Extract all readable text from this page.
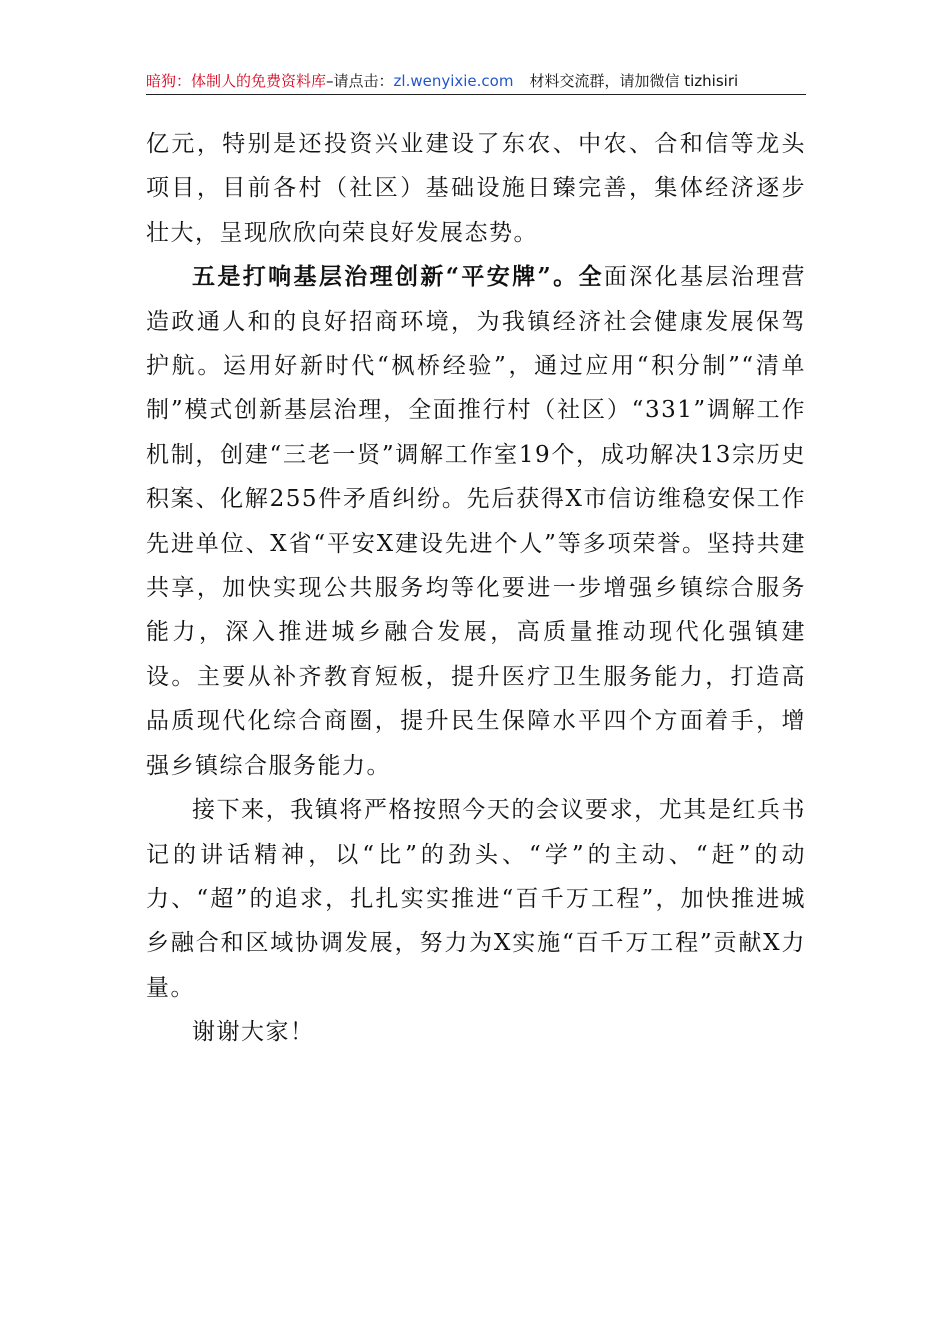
暗狗：体制人的免费资料库–请点击：zl.wenyixie.com 材料交流群，请加微信 tizhisiri

亿元，特别是还投资兴业建设了东农、中农、合和信等龙头项目，目前各村（社区）基础设施日臻完善，集体经济逐步壮大，呈现欣欣向荣良好发展态势。

五是打响基层治理创新“平安牌”。全面深化基层治理营造政通人和的良好招商环境，为我镇经济社会健康发展保驾护航。运用好新时代“枫桥经验”，通过应用“积分制”“清单制”模式创新基层治理，全面推行村（社区）“331”调解工作机制，创建“三老一贤”调解工作室19个，成功解决13宗历史积案、化解255件矛盾纠纷。先后获得X市信访维稳安保工作先进单位、X省“平安X建设先进个人”等多项荣誉。坚持共建共享，加快实现公共服务均等化要进一步增强乡镇综合服务能力，深入推进城乡融合发展，高质量推动现代化强镇建设。主要从补齐教育短板，提升医疗卫生服务能力，打造高品质现代化综合商圈，提升民生保障水平四个方面着手，增强乡镇综合服务能力。

接下来，我镇将严格按照今天的会议要求，尤其是红兵书记的讲话精神，以“比”的劲头、“学”的主动、“赶”的动力、“超”的追求，扎扎实实推进“百千万工程”，加快推进城乡融合和区域协调发展，努力为X实施“百千万工程”贡献X力量。

谢谢大家！
